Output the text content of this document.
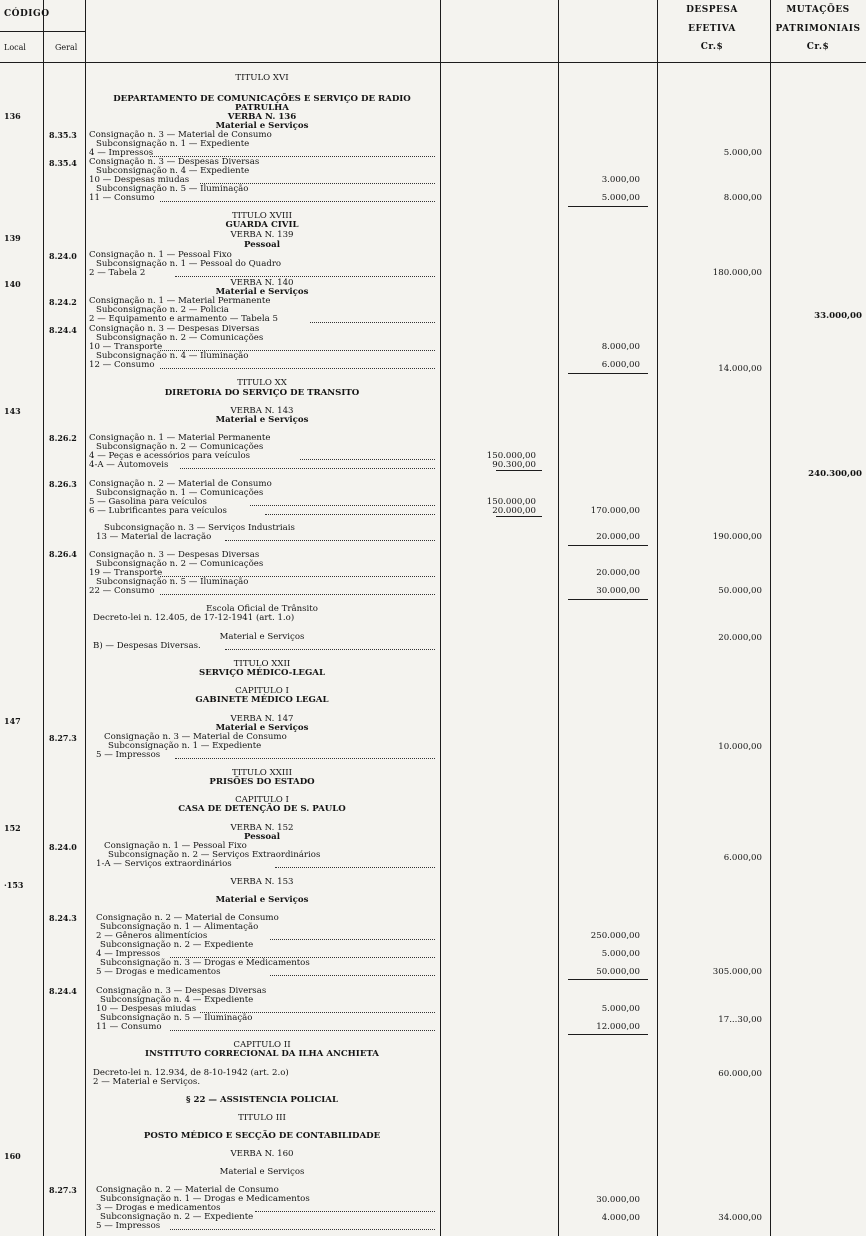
CÓDIGO
Local	Geral
DESPESA
EFETIVA
Cr.$
MUTAÇÕES
PATRIMONIAIS
Cr.$
136
139
140
143
147
152
·153
160
8.35.3
8.35.4
8.24.0
8.24.2
8.24.4
8.26.2
8.26.3
8.26.4
8.27.3
8.24.0
8.24.3
8.24.4
8.27.3
TITULO XVI
DEPARTAMENTO DE COMUNICAÇÕES E SERVIÇO DE RADIO
PATRULHA
VERBA N. 136
Material e Serviços
Consignação n. 3 — Material de Consumo
Subconsignação n. 1 — Expediente
4 — Impressos
Consignação n. 3 — Despesas Diversas
Subconsignação n. 4 — Expediente
10 — Despesas miudas
Subconsignação n. 5 — Iluminação
11 — Consumo
TITULO XVIII
GUARDA CIVIL
VERBA N. 139
Pessoal
Consignação n. 1 — Pessoal Fixo
Subconsignação n. 1 — Pessoal do Quadro
2 — Tabela 2
VERBA N. 140
Material e Serviços
Consignação n. 1 — Material Permanente
Subconsignação n. 2 — Policia
2 — Equipamento e armamento — Tabela 5
Consignação n. 3 — Despesas Diversas
Subconsignação n. 2 — Comunicações
10 — Transporte
Subconsignação n. 4 — Iluminação
12 — Consumo
TITULO XX
DIRETORIA DO SERVIÇO DE TRANSITO
VERBA N. 143
Material e Serviços
Consignação n. 1 — Material Permanente
Subconsignação n. 2 — Comunicações
4 — Peças e acessórios para veículos
4-A — Automoveis
Consignação n. 2 — Material de Consumo
Subconsignação n. 1 — Comunicações
5 — Gasolina para veículos
6 — Lubrificantes para veículos
Subconsignação n. 3 — Serviços Industriais
13 — Material de lacração
Consignação n. 3 — Despesas Diversas
Subconsignação n. 2 — Comunicações
19 — Transporte
Subconsignação n. 5 — Iluminação
22 — Consumo
Escola Oficial de Trânsito
Decreto-lei n. 12.405, de 17-12-1941 (art. 1.o)
Material e Serviços
B) — Despesas Diversas.
TITULO XXII
SERVIÇO MÉDICO-LEGAL
CAPITULO I
GABINETE MÉDICO LEGAL
VERBA N. 147
Material e Serviços
Consignação n. 3 — Material de Consumo
Subconsignação n. 1 — Expediente
5 — Impressos
TITULO XXIII
PRISÕES DO ESTADO
CAPITULO I
CASA DE DETENÇÃO DE S. PAULO
VERBA N. 152
Pessoal
Consignação n. 1 — Pessoal Fixo
Subconsignação n. 2 — Serviços Extraordinários
1-A — Serviços extraordinários
VERBA N. 153
Material e Serviços
Consignação n. 2 — Material de Consumo
Subconsignação n. 1 — Alimentação
2 — Gêneros alimentícios
Subconsignação n. 2 — Expediente
4 — Impressos
Subconsignação n. 3 — Drogas e Medicamentos
5 — Drogas e medicamentos
Consignação n. 3 — Despesas Diversas
Subconsignação n. 4 — Expediente
10 — Despesas miudas
Subconsignação n. 5 — Iluminação
11 — Consumo
CAPITULO II
INSTITUTO CORRECIONAL DA ILHA ANCHIETA
Decreto-lei n. 12.934, de 8-10-1942 (art. 2.o)
2 — Material e Serviços.
§ 22 — ASSISTENCIA POLICIAL
TITULO III
POSTO MÉDICO E SECÇÃO DE CONTABILIDADE
VERBA N. 160
Material e Serviços
Consignação n. 2 — Material de Consumo
Subconsignação n. 1 — Drogas e Medicamentos
3 — Drogas e medicamentos
Subconsignação n. 2 — Expediente
5 — Impressos
150.000,00
90.300,00
150.000,00
20.000,00
3.000,00
5.000,00
8.000,00
6.000,00
170.000,00
20.000,00
20.000,00
30.000,00
250.000,00
5.000,00
50.000,00
5.000,00
12.000,00
30.000,00
4.000,00
5.000,00
8.000,00
180.000,00
14.000,00
190.000,00
50.000,00
20.000,00
10.000,00
6.000,00
305.000,00
17...30,00
60.000,00
34.000,00
33.000,00
240.300,00
